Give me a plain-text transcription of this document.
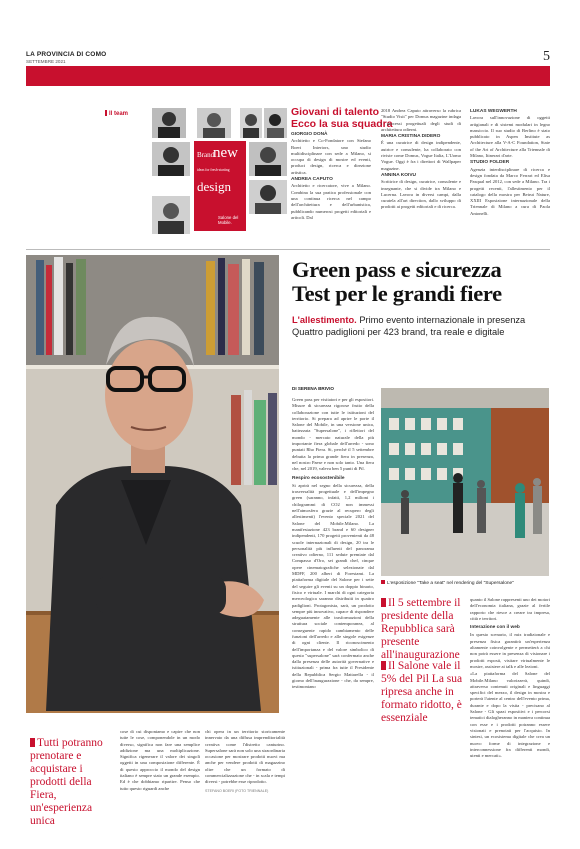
LA PROVINCIA DI COMO
SETTEMBRE 2021	5
Il team
Brand
new
ideas for fresh-starting
design
Salone del Mobile.
Giovani di talento
Ecco la sua squadra
GIORGIO DONÀ
Architetto e Co-Fondatore con Stefano Boeri Interiors, uno studio multidisciplinare con sede a Milano, si occupa di design di mostre ed eventi, product design, ricerca e direzione artistica.
ANDREA CAPUTO
Architetto e ricercatore, vive a Milano. Combina la sua pratica professionale con una continua ricerca nel campo dell'architettura e dell'urbanistica, pubblicando numerosi progetti editoriali e articoli. Dal
2018 Andrea Caputo attraverso la rubrica "Studio Visit" per Domus magazine indaga i processi progettuali degli studi di architettura odierni.
MARIA CRISTINA DIDERO
È una curatrice di design indipendente, autrice e consulente, ha collaborato con riviste come Domus, Vogue Italia, L'Uomo Vogue. Oggi è fra i direttori di Wallpaper magazine.
ANNINA KOIVU
Scrittrice di design, curatrice, consulente e insegnante, che si divide tra Milano e Lucerna. Lavora in diversi campi, dalla curatela all'art direction, dallo sviluppo di prodotti ai progetti editoriali e di ricerca.
LUKAS WEGWERTH
Lavora sull'innovazione di oggetti artigianali e di sistemi modulari in legno massiccio. Il suo studio di Berlino è stato pubblicato in Aspen Institute as Architecture alla V-A-C Foundation, State of the Art of Architecture alla Triennale di Milano, Itinerari d'arte.
STUDIO FOLDER
Agenzia interdisciplinare di ricerca e design fondata da Marco Ferrari ed Elisa Pasqual nel 2012, con sede a Milano. Tra i progetti recenti, l'allestimento per il catalogo della mostra per Beirut Nature, XXIII Esposizione internazionale della Triennale di Milano a cura di Paola Antonelli.
Green pass e sicurezza
Test per le grandi fiere
L'allestimento. Primo evento internazionale in presenza
Quattro padiglioni per 423 brand, tra reale e digitale
DI SERENA BRIVIO
Green pass per visitatori e per gli espositori. Misure di sicurezza rigorose frutto della collaborazione con tutte le istituzioni del territorio. Si prepara ad aprire le porte il Salone del Mobile, in una versione unica, battezzata "Supersalone", i riflettori del mondo - mercato naturale della più importante fiera globale dell'arredo - sono puntati Rho Fiera. Si, perché il 5 settembre debutta la prima grande fiera in presenza, nel nostro Paese e non solo tanto. Una fiera che, nel 2019, valeva ben 5 punti di Pil.
Respiro ecosostenibile
Si aprirà nel segno della sicurezza, della trasversalità progettuale e dell'impegno green (saranno, infatti, 1,2 milioni i chilogrammi di CO2 non immessi nell'atmosfera grazie al recupero degli allestimenti) l'evento speciale 2021 del Salone del Mobile.Milano. La manifestazione 423 brand e 60 designer indipendenti, 170 progetti provenienti da 48 scuole internazionali di design, 20 tra le personalità più influenti del panorama creativo odierno, 111 sedute premiate dal Compasso d'Oro, sei grandi chef, cinque opere cinematografiche selezionate dal MDFF, 200 alberi di Forestami. La piattaforma digitale del Salone per i sette del seguire gli eventi su un doppio binario, fisico e virtuale. I marchi di ogni categoria merceologica saranno distribuiti in quattro padiglioni. Protagonista, sarà, un prodotto sempre più innovativo, capace di rispondere adeguatamente alle trasformazioni della struttura sociale contemporanea, al conseguente rapido cambiamento delle funzioni dell'arredo e alle singole esigenze di ogni cliente. Il riconoscimento dell'importanza e del valore simbolico di questo "supersalone" sarà confermato anche dalla presenza delle autorità governative e istituzionali - prima fra tutte il Presidente della Repubblica Sergio Mattarella - il giorno dell'inaugurazione - che, da sempre, testimoniano
L'esposizione "Take a seat" nel rendering del "Supersalone"
Il 5 settembre il presidente della Repubblica sarà presente all'inaugurazione
Il Salone vale il 5% del Pil La sua ripresa anche in formato ridotto, è essenziale
quanto il Salone rappresenti uno dei motori dell'economia italiana, grazie al fertile rapporto che riesce a creare tra impresa, città e territori.
Interazione con il web
In questo scenario, il mix tradizionale e presenza fisica garantirà un'esperienza altamente coinvolgente e permetterà a chi non potrà essere in presenza di visionare i prodotti esposti, visitare virtualmente le mostre, assistere ai talk e alle lezioni.
«La piattaforma del Salone del Mobile.Milano valorizzerà, quindi, attraverso contenuti originali e linguaggi specifici del mezzo, il design in mostra e porterà l'utente al centro dell'evento prima, durante e dopo la visita - precisano al Salone - Gli spazi espositivi e i percorsi tematici dialogheranno in maniera continua con esse e i prodotti potranno essere visionati e prenotati per l'acquisto. In sintesi, un ecosistema digitale che crea un nuovo forme di integrazione e interconnessione fra differenti mondi, utenti e mercati».
Tutti potranno prenotare e acquistare i prodotti della Fiera, un'esperienza unica
cose di cui disponiamo e capire che non tutte le cose, componendole in un modo diverso, significa non fare una semplice addizione ma una moltiplicazione. Significa rigenerare il valore dei singoli oggetti in una composizione differente. È di questo approccio il mondo del design italiano è sempre stato un grande esempio. Ed è che dobbiamo ripartire. Penso che tutto questo riguardi anche
chi opera in un territorio storicamente innervato da una diffusa imprenditorialità creativa come l'distretto canturino. Supersalone sarà non solo una straordinaria occasione per mostrare prodotti nuovi ma anche per vendere prodotti di magazzino oltre che un formato di commercializzazione che - in scala e tempi diversi - potrebbe esse riprodotto.
STEFANO BOERI (FOTO TRIENNALE)
